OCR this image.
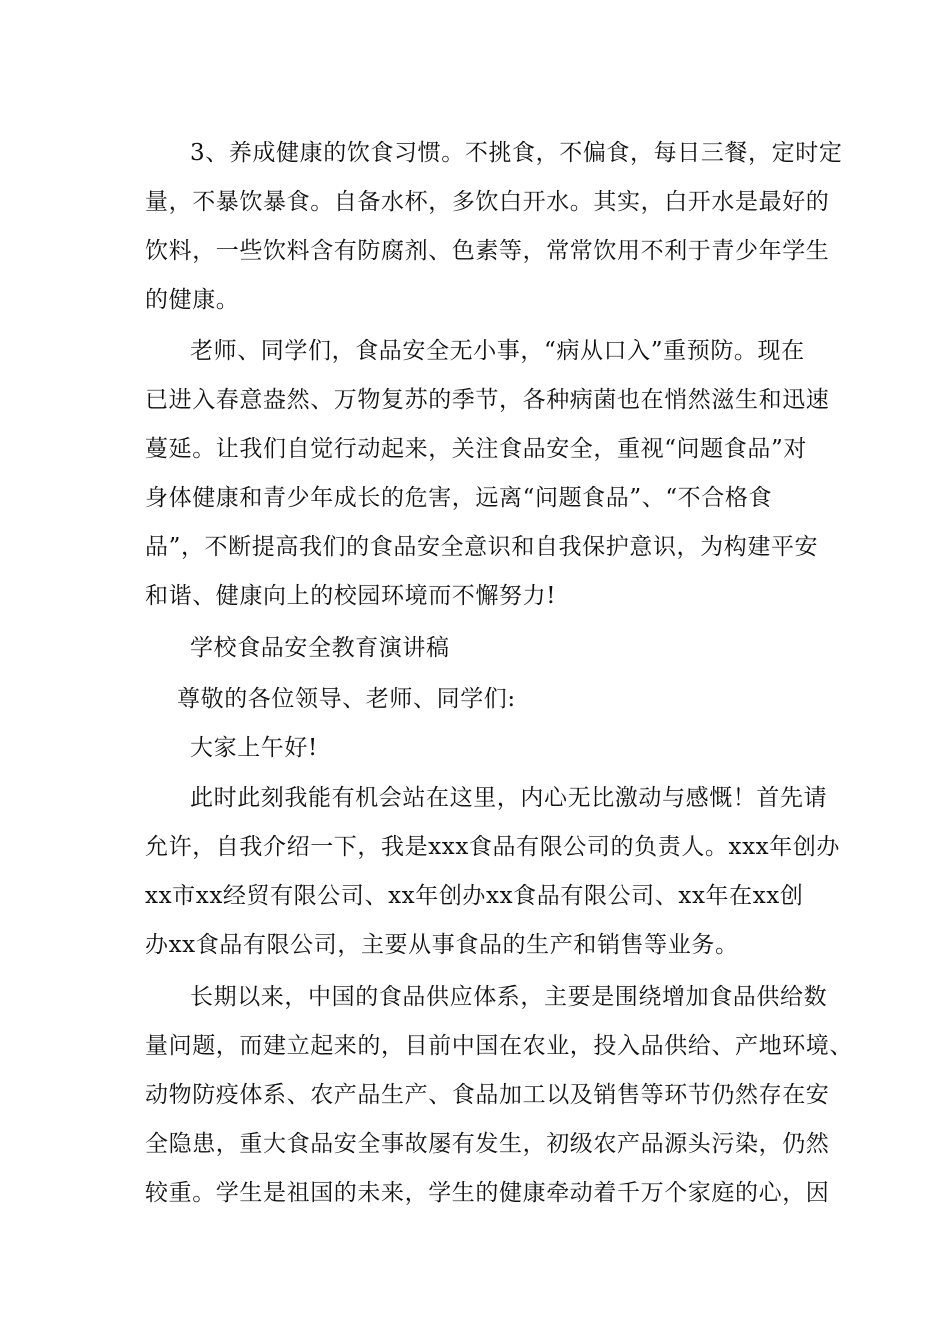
3、养成健康的饮食习惯。不挑食，不偏食，每日三餐，定时定

量，不暴饮暴食。自备水杯，多饮白开水。其实，白开水是最好的

饮料，一些饮料含有防腐剂、色素等，常常饮用不利于青少年学生

的健康。

老师、同学们，食品安全无小事，“病从口入”重预防。现在

已进入春意盎然、万物复苏的季节，各种病菌也在悄然滋生和迅速

蔓延。让我们自觉行动起来，关注食品安全，重视“问题食品”对

身体健康和青少年成长的危害，远离“问题食品”、“不合格食

品”，不断提高我们的食品安全意识和自我保护意识，为构建平安

和谐、健康向上的校园环境而不懈努力!

学校食品安全教育演讲稿

尊敬的各位领导、老师、同学们:

大家上午好!

此时此刻我能有机会站在这里，内心无比激动与感慨！首先请

允许，自我介绍一下，我是xxx食品有限公司的负责人。xxx年创办

xx市xx经贸有限公司、xx年创办xx食品有限公司、xx年在xx创

办xx食品有限公司，主要从事食品的生产和销售等业务。

长期以来，中国的食品供应体系，主要是围绕增加食品供给数

量问题，而建立起来的，目前中国在农业，投入品供给、产地环境、

动物防疫体系、农产品生产、食品加工以及销售等环节仍然存在安

全隐患，重大食品安全事故屡有发生，初级农产品源头污染，仍然

较重。学生是祖国的未来，学生的健康牵动着千万个家庭的心，因
